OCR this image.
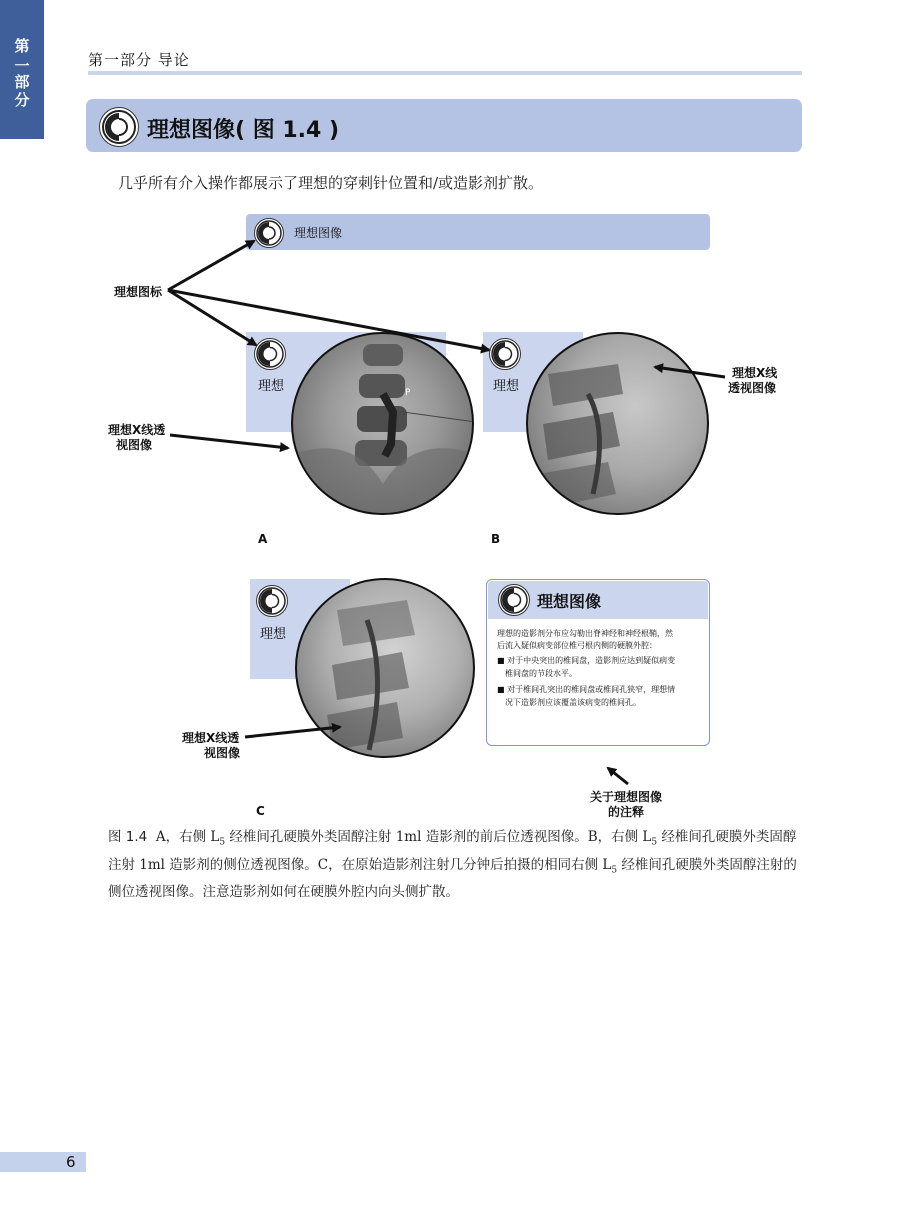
第
一
部
分
第一部分 导论
理想图像( 图 1.4 )
几乎所有介入操作都展示了理想的穿刺针位置和/或造影剂扩散。
理想图像
理想	P
A
理想
B
理想
C
理想图像
理想的造影剂分布应勾勒出脊神经和神经根鞘，然
后流入疑似病变部位椎弓根内侧的硬膜外腔：
■ 对于中央突出的椎间盘，造影剂应达到疑似病变
椎间盘的节段水平。
■ 对于椎间孔突出的椎间盘或椎间孔狭窄，理想情
况下造影剂应该覆盖该病变的椎间孔。
理想图标
理想X线透
视图像
理想X线
透视图像
理想X线透
视图像
关于理想图像
的注释
图 1.4 A，右侧 $L_5$ 经椎间孔硬膜外类固醇注射 1ml 造影剂的前后位透视图像。B，右侧 $L_5$ 经椎间孔硬膜外类固醇注射 1ml 造影剂的侧位透视图像。C，在原始造影剂注射几分钟后拍摄的相同右侧 $L_5$ 经椎间孔硬膜外类固醇注射的侧位透视图像。注意造影剂如何在硬膜外腔内向头侧扩散。
6
